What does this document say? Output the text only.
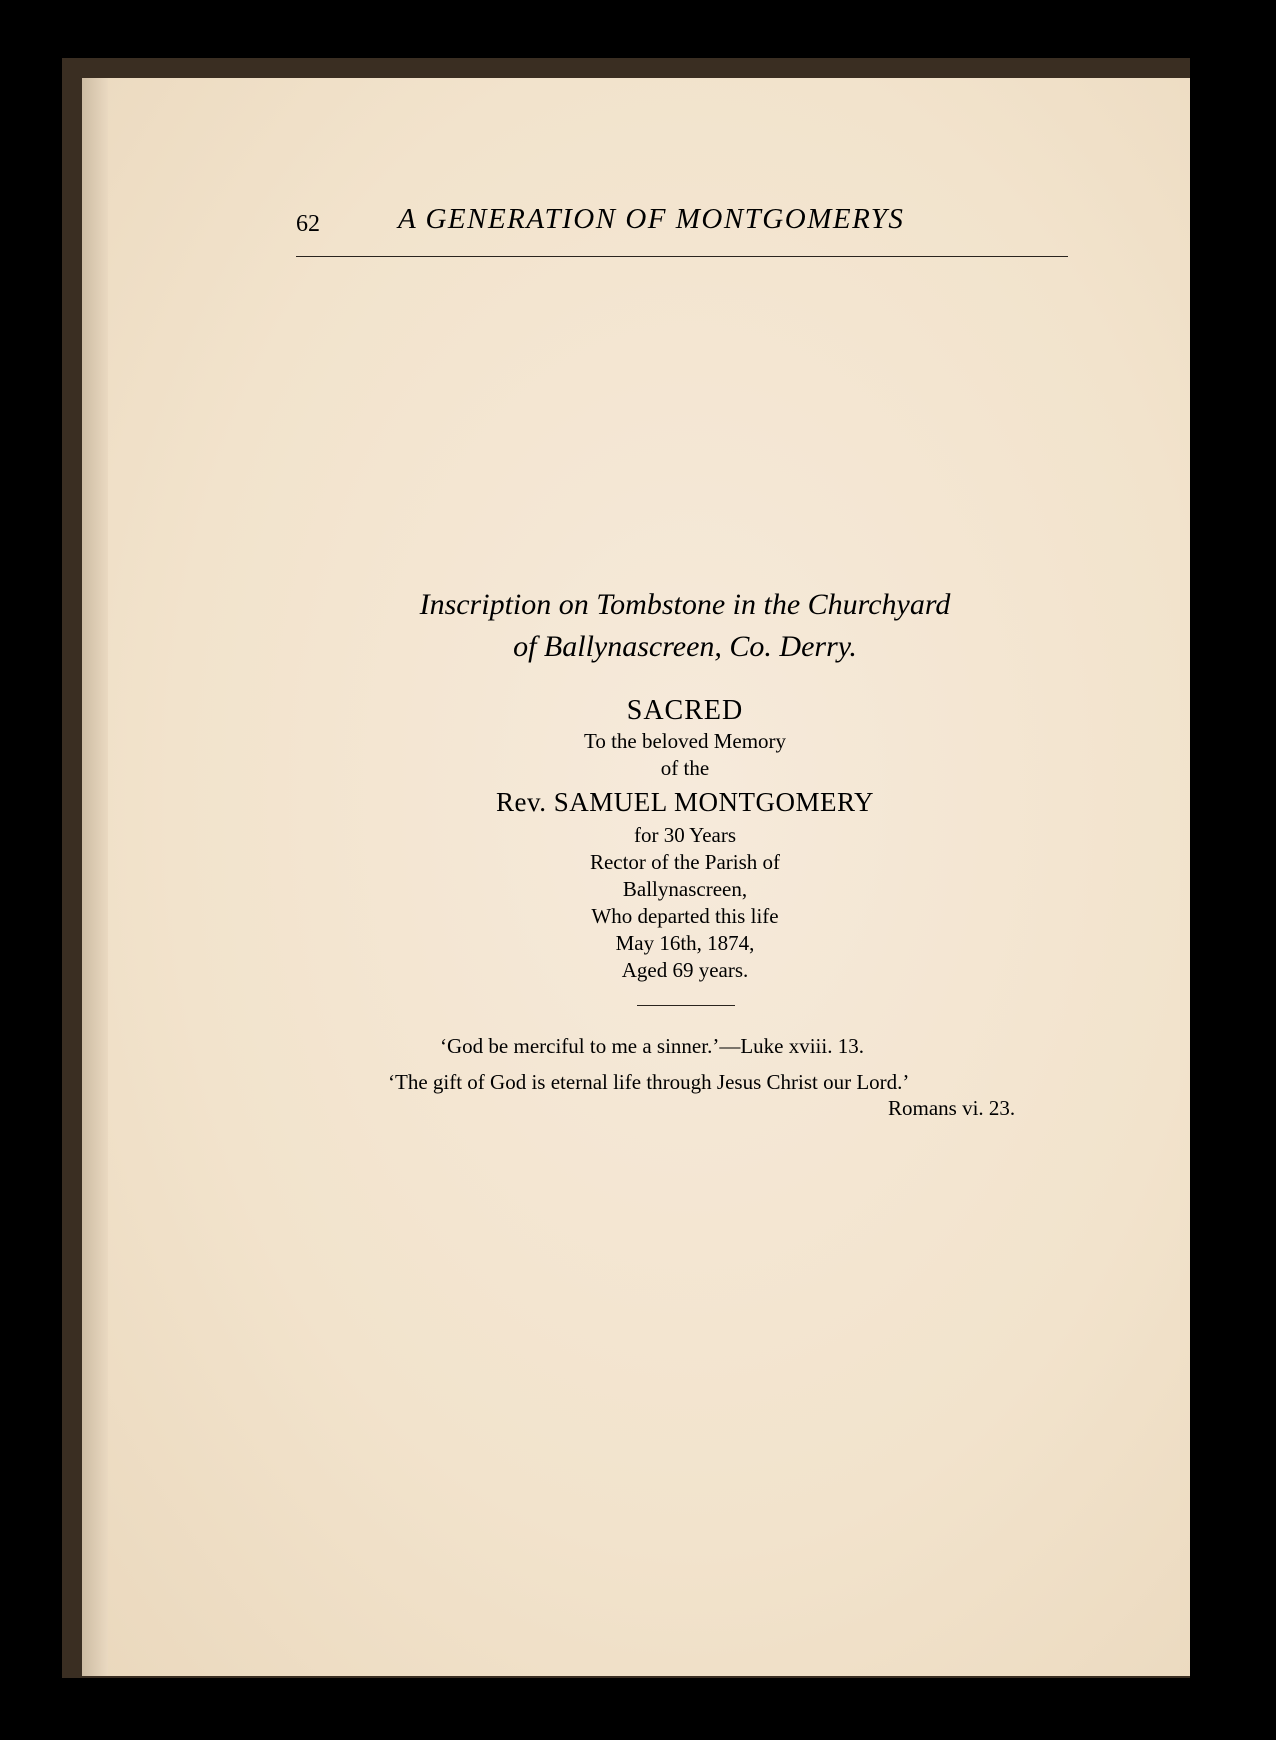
62	A GENERATION OF MONTGOMERYS
Inscription on Tombstone in the Churchyard
of Ballynascreen, Co. Derry.
SACRED
To the beloved Memory
of the
Rev. SAMUEL MONTGOMERY
for 30 Years
Rector of the Parish of
Ballynascreen,
Who departed this life
May 16th, 1874,
Aged 69 years.
‘God be merciful to me a sinner.’—Luke xviii. 13.
‘The gift of God is eternal life through Jesus Christ our Lord.’
Romans vi. 23.
